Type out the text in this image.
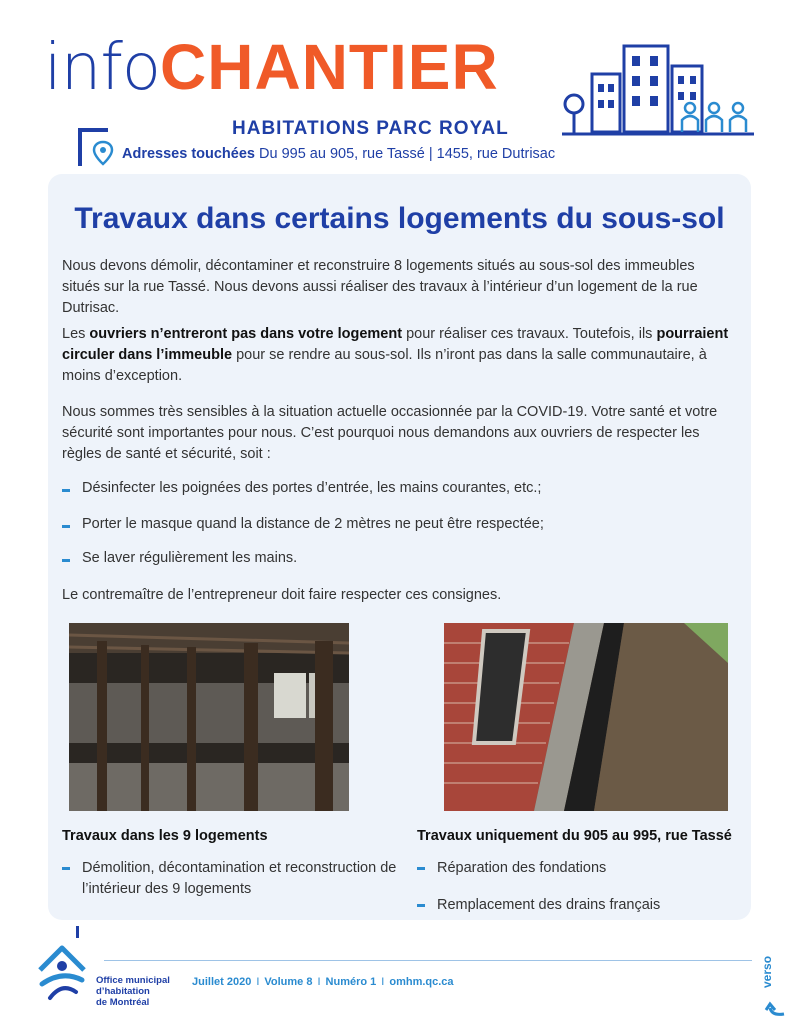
infoCHANTIER
HABITATIONS PARC ROYAL
Adresses touchées Du 995 au 905, rue Tassé | 1455, rue Dutrisac
Travaux dans certains logements du sous-sol

Nous devons démolir, décontaminer et reconstruire 8 logements situés au sous-sol des immeubles situés sur la rue Tassé. Nous devons aussi réaliser des travaux à l’intérieur d’un logement de la rue Dutrisac.

Les ouvriers n’entreront pas dans votre logement pour réaliser ces travaux. Toutefois, ils pourraient circuler dans l’immeuble pour se rendre au sous-sol. Ils n’iront pas dans la salle communautaire, à moins d’exception.

Nous sommes très sensibles à la situation actuelle occasionnée par la COVID-19. Votre santé et votre sécurité sont importantes pour nous. C’est pourquoi nous demandons aux ouvriers de respecter les règles de santé et sécurité, soit :

Désinfecter les poignées des portes d’entrée, les mains courantes, etc.;
Porter le masque quand la distance de 2 mètres ne peut être respectée;
Se laver régulièrement les mains.

Le contremaître de l’entrepreneur doit faire respecter ces consignes.

Travaux dans les 9 logements	Travaux uniquement du 905 au 995, rue Tassé
Démolition, décontamination et reconstruction de l’intérieur des 9 logements
Réparation des fondations
Remplacement des drains français
Office municipal
d’habitation
de Montréal
Juillet 2020 I Volume 8 I Numéro 1 I omhm.qc.ca	verso
